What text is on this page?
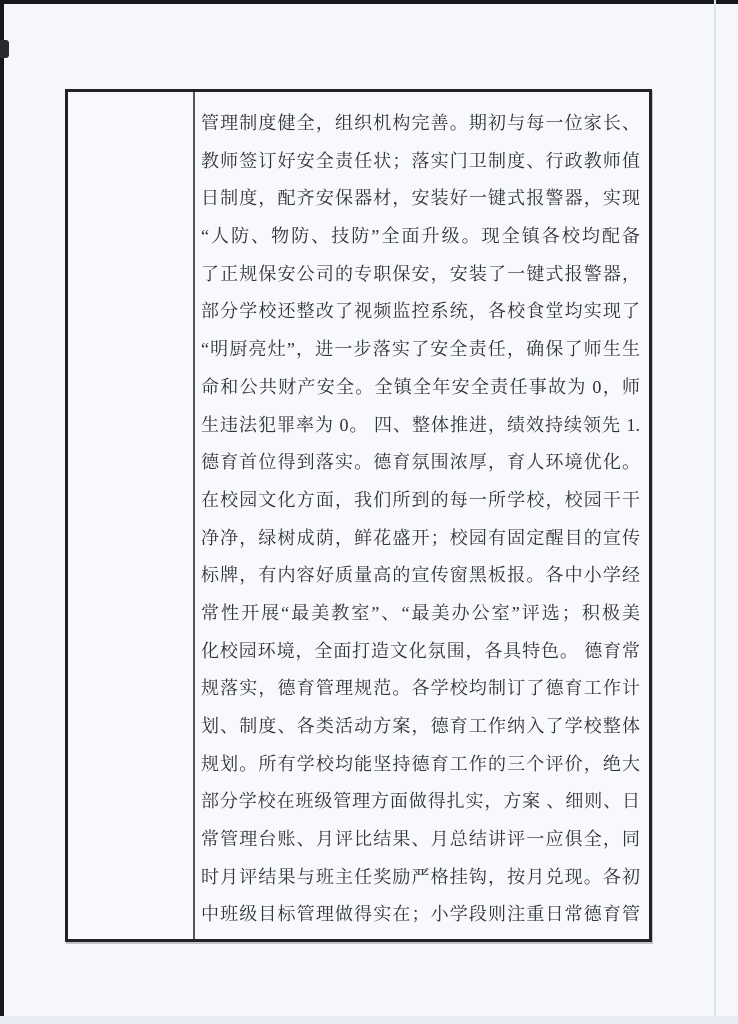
管理制度健全，组织机构完善。期初与每一位家长、
教师签订好安全责任状；落实门卫制度、行政教师值
日制度，配齐安保器材，安装好一键式报警器，实现
“人防、物防、技防”全面升级。现全镇各校均配备
了正规保安公司的专职保安，安装了一键式报警器，
部分学校还整改了视频监控系统，各校食堂均实现了
“明厨亮灶”，进一步落实了安全责任，确保了师生生
命和公共财产安全。全镇全年安全责任事故为 0，师
生违法犯罪率为 0。 四、整体推进，绩效持续领先 1.
德育首位得到落实。德育氛围浓厚，育人环境优化。
在校园文化方面，我们所到的每一所学校，校园干干
净净，绿树成荫，鲜花盛开；校园有固定醒目的宣传
标牌，有内容好质量高的宣传窗黑板报。各中小学经
常性开展“最美教室”、“最美办公室”评选；积极美
化校园环境，全面打造文化氛围，各具特色。 德育常
规落实，德育管理规范。各学校均制订了德育工作计
划、制度、各类活动方案，德育工作纳入了学校整体
规划。所有学校均能坚持德育工作的三个评价，绝大
部分学校在班级管理方面做得扎实，方案 、细则、日
常管理台账、月评比结果、月总结讲评一应俱全，同
时月评结果与班主任奖励严格挂钩，按月兑现。各初
中班级目标管理做得实在；小学段则注重日常德育管
